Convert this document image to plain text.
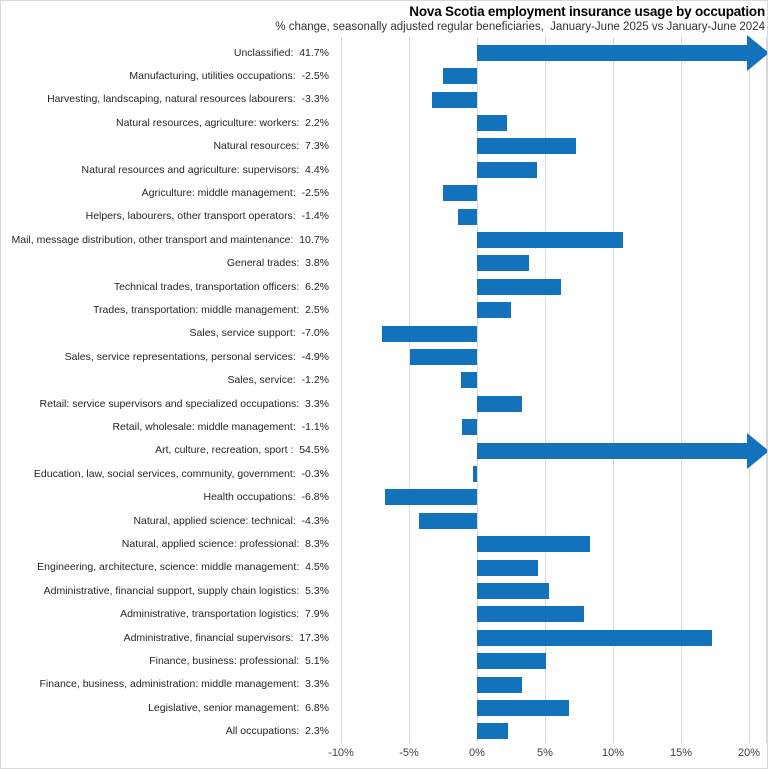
Nova Scotia employment insurance usage by occupation
% change, seasonally adjusted regular beneficiaries,  January-June 2025 vs January-June 2024
Unclassified:  41.7%
Manufacturing, utilities occupations:  -2.5%
Harvesting, landscaping, natural resources labourers:  -3.3%
Natural resources, agriculture: workers:  2.2%
Natural resources:  7.3%
Natural resources and agriculture: supervisors:  4.4%
Agriculture: middle management:  -2.5%
Helpers, labourers, other transport operators:  -1.4%
Mail, message distribution, other transport and maintenance:  10.7%
General trades:  3.8%
Technical trades, transportation officers:  6.2%
Trades, transportation: middle management:  2.5%
Sales, service support:  -7.0%
Sales, service representations, personal services:  -4.9%
Sales, service:  -1.2%
Retail: service supervisors and specialized occupations:  3.3%
Retail, wholesale: middle management:  -1.1%
Art, culture, recreation, sport :  54.5%
Education, law, social services, community, government:  -0.3%
Health occupations:  -6.8%
Natural, applied science: technical:  -4.3%
Natural, applied science: professional:  8.3%
Engineering, architecture, science: middle management:  4.5%
Administrative, financial support, supply chain logistics:  5.3%
Administrative, transportation logistics:  7.9%
Administrative, financial supervisors:  17.3%
Finance, business: professional:  5.1%
Finance, business, administration: middle management:  3.3%
Legislative, senior management:  6.8%
All occupations:  2.3%
-10%	-5%	0%	5%	10%	15%	20%
